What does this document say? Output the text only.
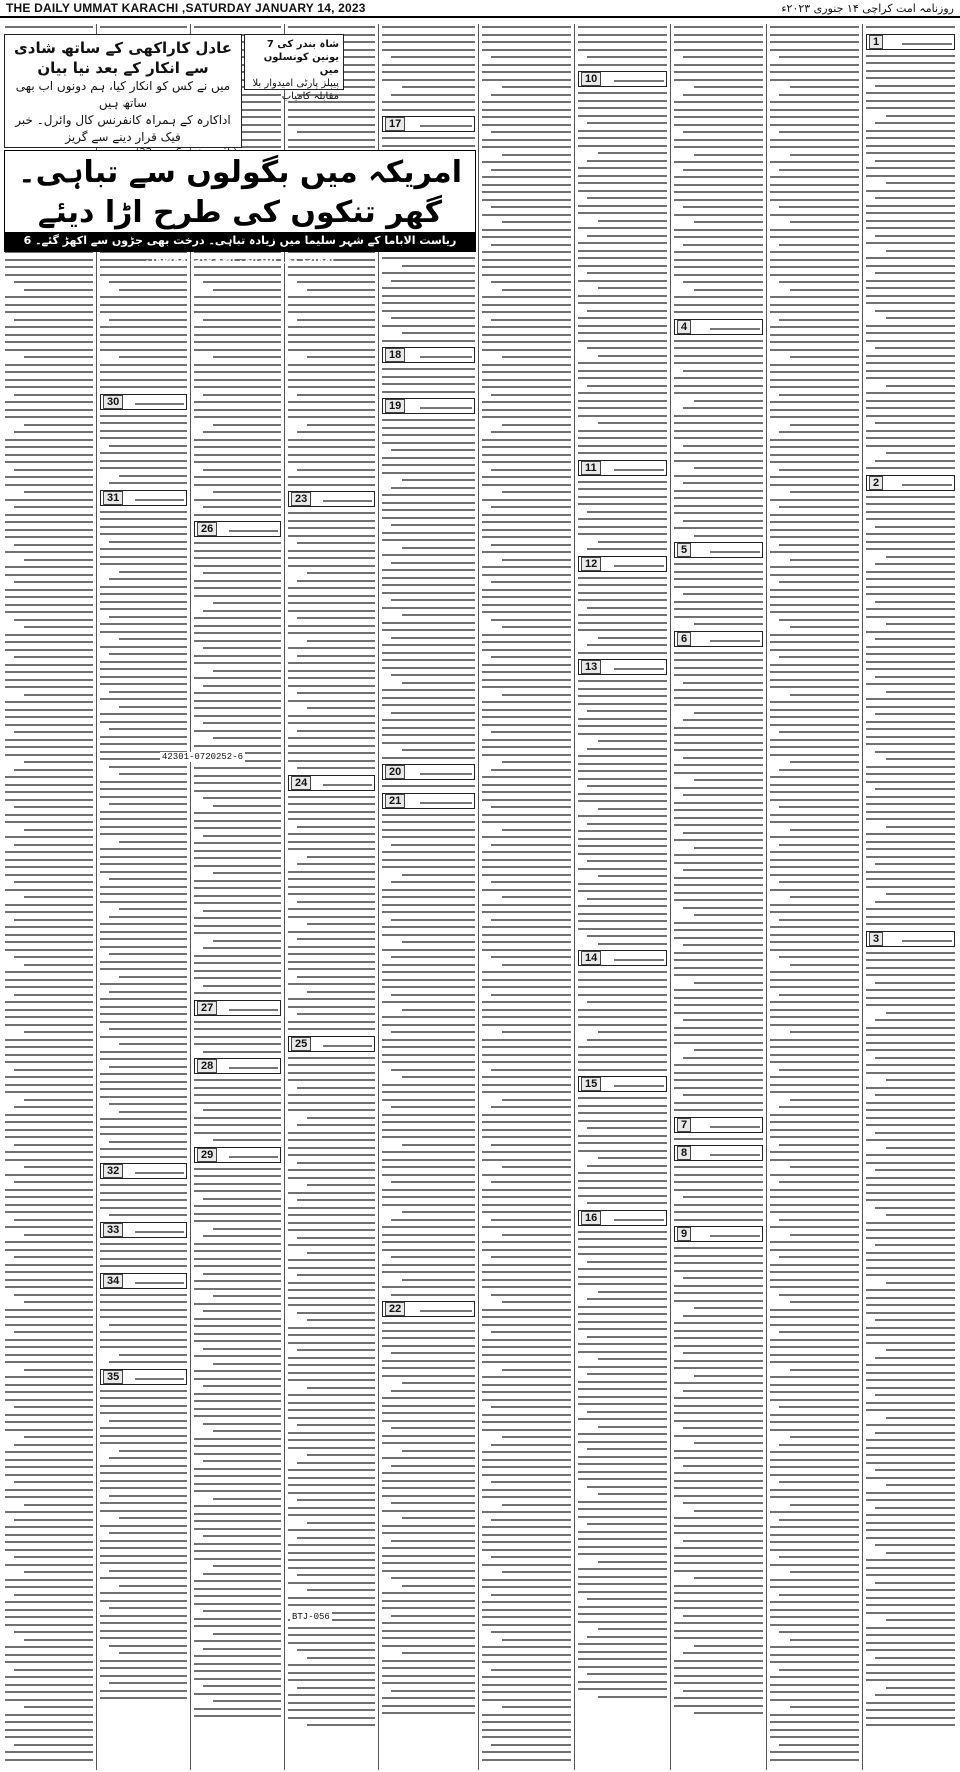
THE DAILY UMMAT KARACHI ,SATURDAY JANUARY 14, 2023	روزنامہ امت کراچی ۱۴ جنوری ۲۰۲۳ء
1
2
3
4
5
6
7
8
9
10
11
12
13
14
15
16
17
18
19
20
21
22
23
24
25
26
27
28
29
30
31
32
33
34
35
عادل کاراکھی کے ساتھ شادی سے انکار کے بعد نیا بیان
میں نے کس کو انکار کیا، ہم دونوں اب بھی ساتھ ہیں
اداکارہ کے ہمراہ کانفرنس کال وائرل۔ خبر فیک قرار دینے سے گریز
شاہ بندر کی 7 یونین کونسلوں میں
پیپلز پارٹی امیدوار بلا مقابلہ کامیاب
امریکہ میں بگولوں سے تباہی۔ گھر تنکوں کی طرح اڑا دیئے
ریاست الاباما کے شہر سلیما میں زیادہ تباہی۔ درخت بھی جڑوں سے اکھڑ گئے۔ 6 اموات کی ابتدائی اطلاعات موصول
42301-0720252-6
BTJ-056
